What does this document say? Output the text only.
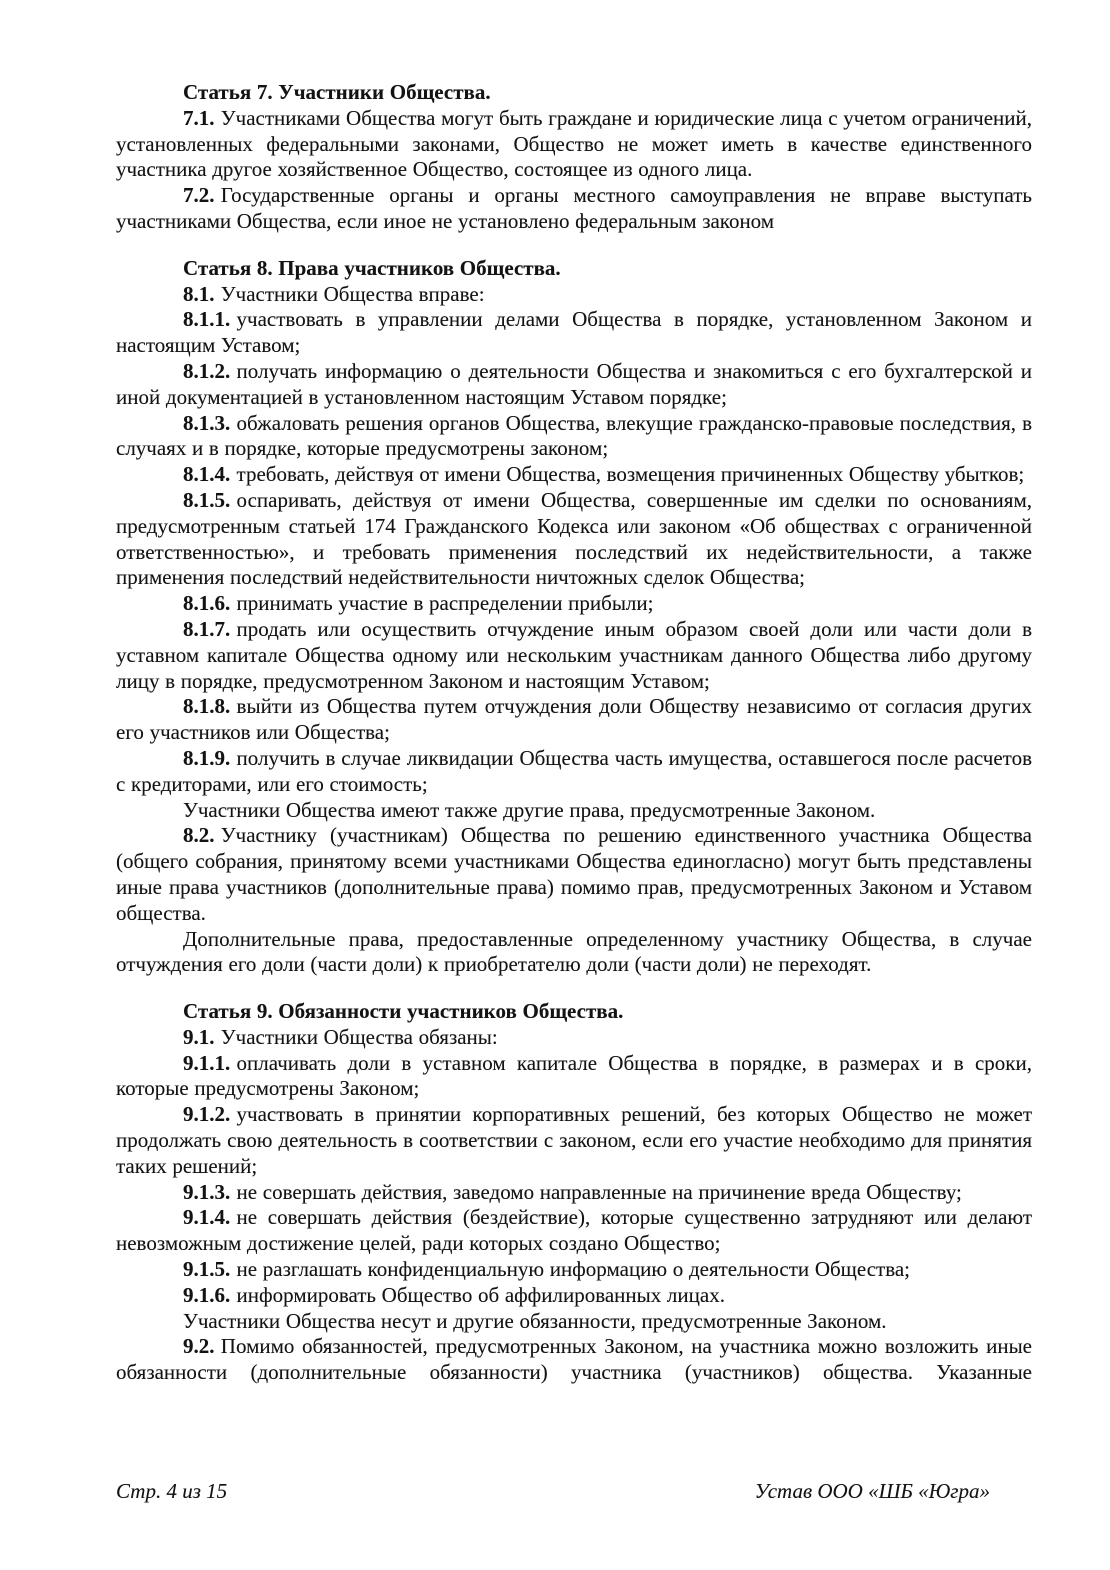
Статья 7. Участники Общества.

7.1. Участниками Общества могут быть граждане и юридические лица с учетом ограничений, установленных федеральными законами, Общество не может иметь в качестве единственного участника другое хозяйственное Общество, состоящее из одного лица.

7.2. Государственные органы и органы местного самоуправления не вправе выступать участниками Общества, если иное не установлено федеральным законом

Статья 8. Права участников Общества.

8.1. Участники Общества вправе:

8.1.1. участвовать в управлении делами Общества в порядке, установленном Законом и настоящим Уставом;

8.1.2. получать информацию о деятельности Общества и знакомиться с его бухгалтерской и иной документацией в установленном настоящим Уставом порядке;

8.1.3. обжаловать решения органов Общества, влекущие гражданско-правовые последствия, в случаях и в порядке, которые предусмотрены законом;

8.1.4. требовать, действуя от имени Общества, возмещения причиненных Обществу убытков;

8.1.5. оспаривать, действуя от имени Общества, совершенные им сделки по основаниям, предусмотренным статьей 174 Гражданского Кодекса или законом «Об обществах с ограниченной ответственностью», и требовать применения последствий их недействительности, а также применения последствий недействительности ничтожных сделок Общества;

8.1.6. принимать участие в распределении прибыли;

8.1.7. продать или осуществить отчуждение иным образом своей доли или части доли в уставном капитале Общества одному или нескольким участникам данного Общества либо другому лицу в порядке, предусмотренном Законом и настоящим Уставом;

8.1.8. выйти из Общества путем отчуждения доли Обществу независимо от согласия других его участников или Общества;

8.1.9. получить в случае ликвидации Общества часть имущества, оставшегося после расчетов с кредиторами, или его стоимость;

Участники Общества имеют также другие права, предусмотренные Законом.

8.2. Участнику (участникам) Общества по решению единственного участника Общества (общего собрания, принятому всеми участниками Общества единогласно) могут быть представлены иные права участников (дополнительные права) помимо прав, предусмотренных Законом и Уставом общества.

Дополнительные права, предоставленные определенному участнику Общества, в случае отчуждения его доли (части доли) к приобретателю доли (части доли) не переходят.

Статья 9. Обязанности участников Общества.

9.1. Участники Общества обязаны:

9.1.1. оплачивать доли в уставном капитале Общества в порядке, в размерах и в сроки, которые предусмотрены Законом;

9.1.2. участвовать в принятии корпоративных решений, без которых Общество не может продолжать свою деятельность в соответствии с законом, если его участие необходимо для принятия таких решений;

9.1.3. не совершать действия, заведомо направленные на причинение вреда Обществу;

9.1.4. не совершать действия (бездействие), которые существенно затрудняют или делают невозможным достижение целей, ради которых создано Общество;

9.1.5. не разглашать конфиденциальную информацию о деятельности Общества;

9.1.6. информировать Общество об аффилированных лицах.

Участники Общества несут и другие обязанности, предусмотренные Законом.

9.2. Помимо обязанностей, предусмотренных Законом, на участника можно возложить иные обязанности (дополнительные обязанности) участника (участников) общества. Указанные

Стр. 4 из 15	Устав ООО «ШБ «Югра»
